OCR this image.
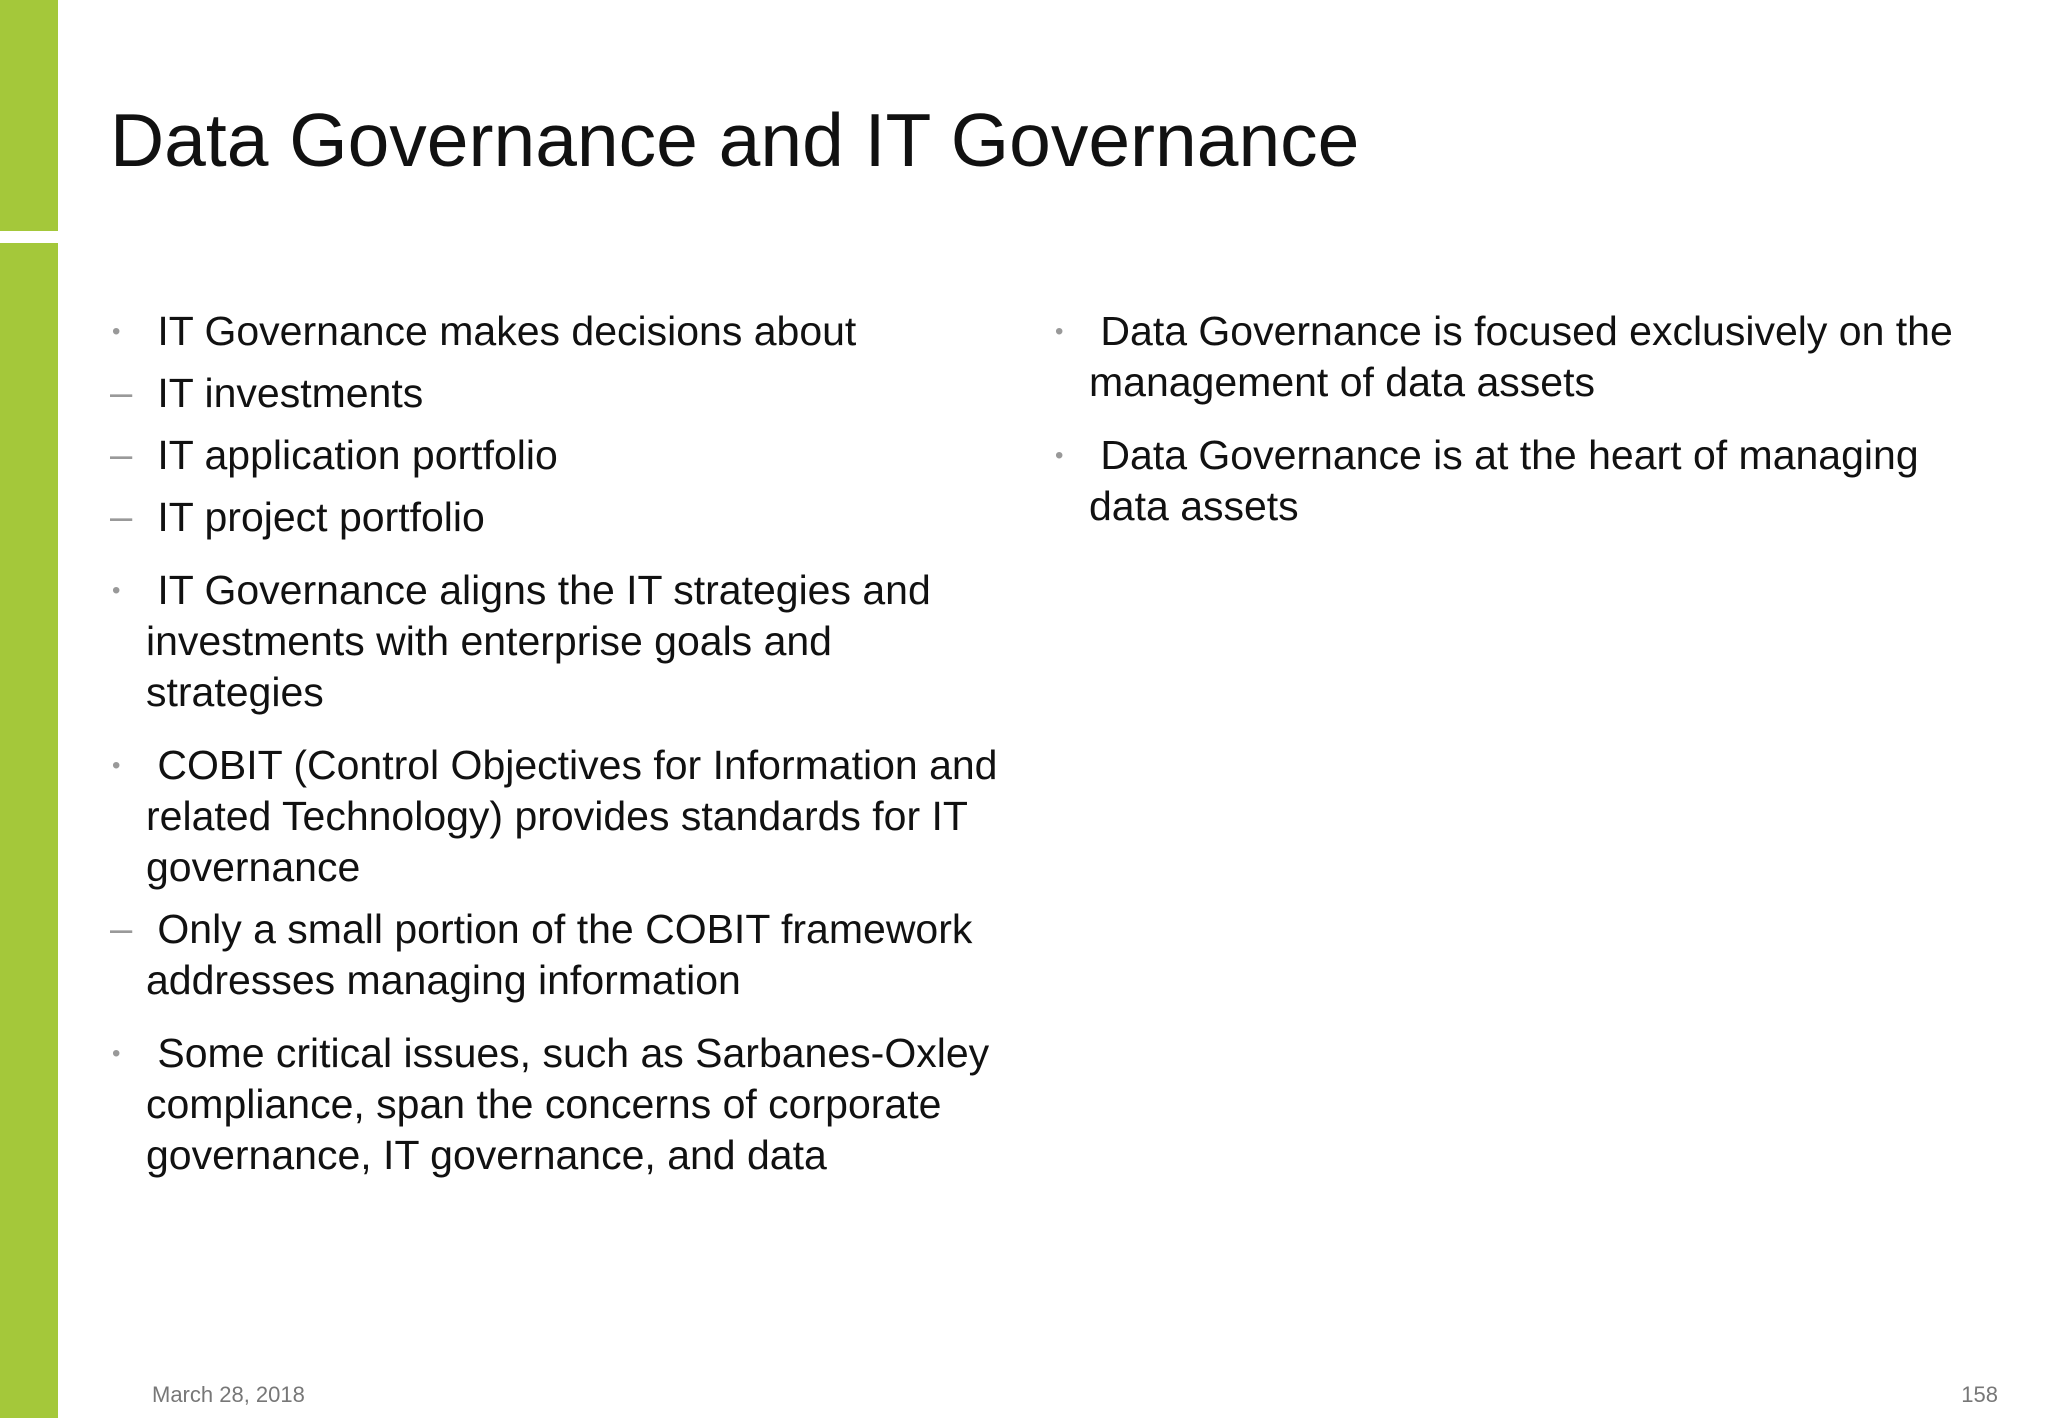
Data Governance and IT Governance
• IT Governance makes decisions about
– IT investments
– IT application portfolio
– IT project portfolio
• IT Governance aligns the IT strategies and investments with enterprise goals and strategies
• COBIT (Control Objectives for Information and related Technology) provides standards for IT governance
– Only a small portion of the COBIT framework addresses managing information
• Some critical issues, such as Sarbanes-Oxley compliance, span the concerns of corporate governance, IT governance, and data
• Data Governance is focused exclusively on the management of data assets
• Data Governance is at the heart of managing data assets
March 28, 2018	158
